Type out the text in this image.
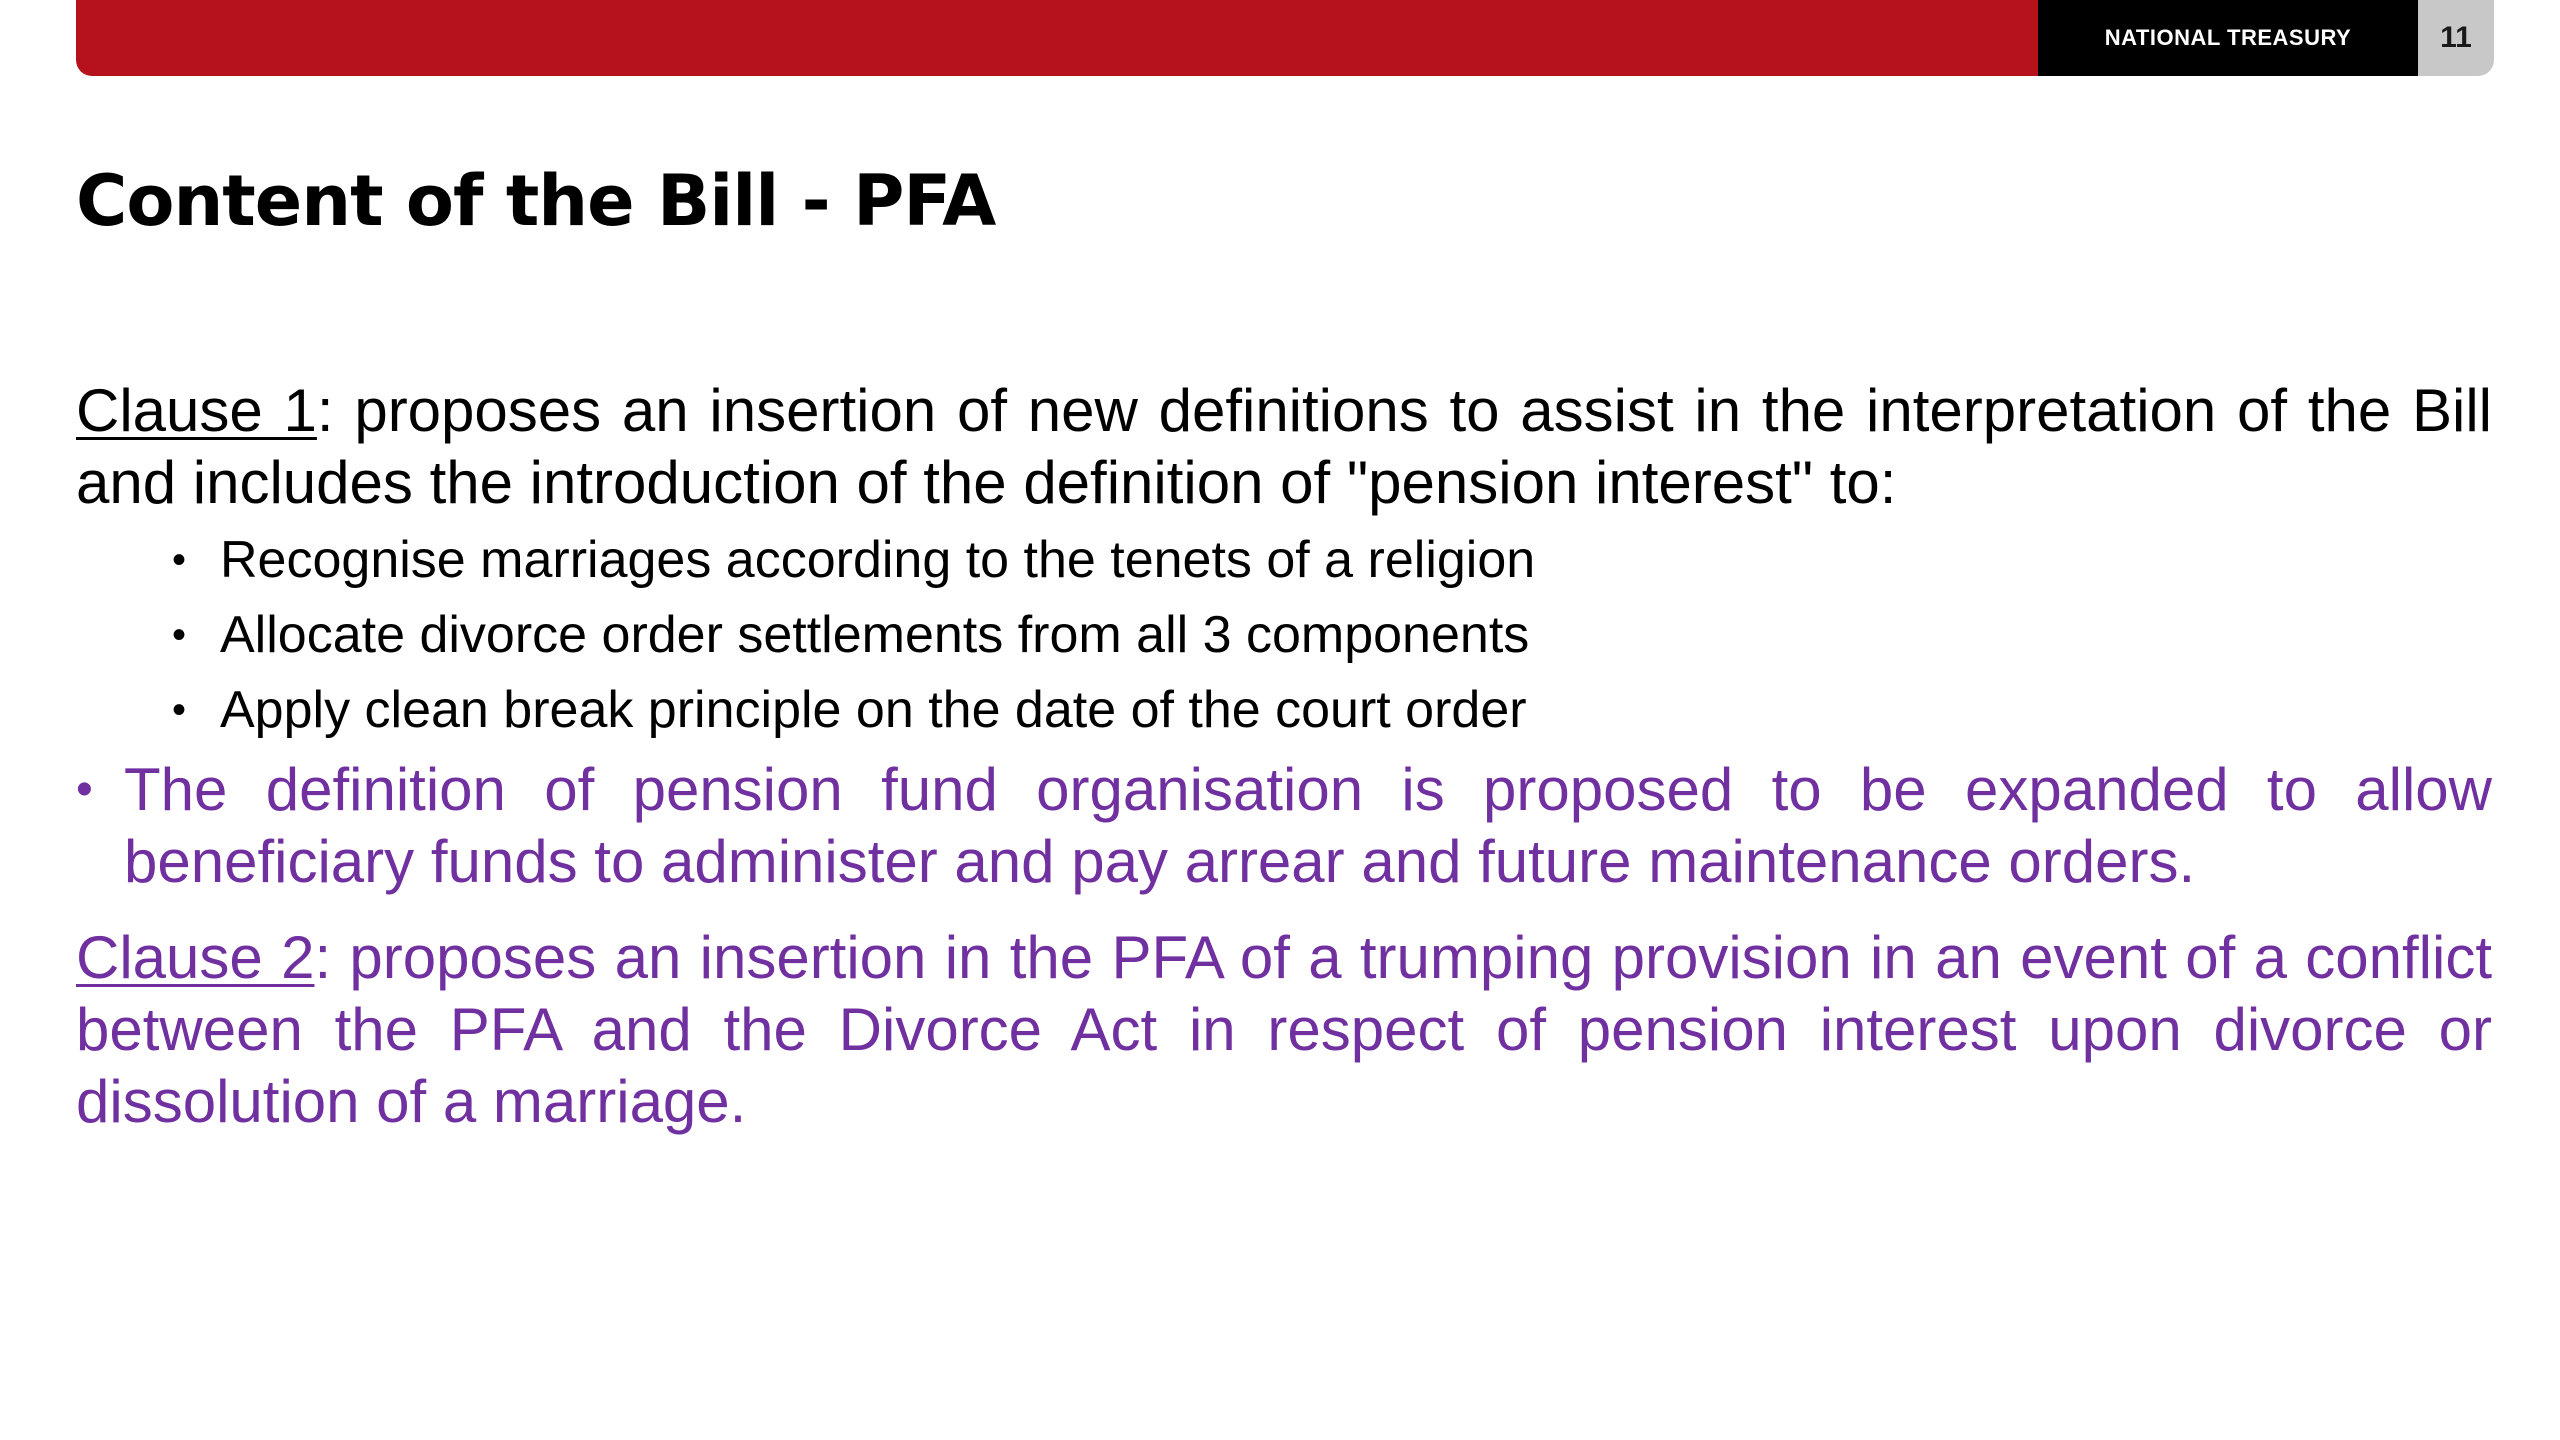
NATIONAL TREASURY	11
Content of the Bill - PFA

Clause 1: proposes an insertion of new definitions to assist in the interpretation of the Bill and includes the introduction of the definition of "pension interest" to:

• Recognise marriages according to the tenets of a religion
• Allocate divorce order settlements from all 3 components
• Apply clean break principle on the date of the court order
• The definition of pension fund organisation is proposed to be expanded to allow beneficiary funds to administer and pay arrear and future maintenance orders.

Clause 2: proposes an insertion in the PFA of a trumping provision in an event of a conflict between the PFA and the Divorce Act in respect of pension interest upon divorce or dissolution of a marriage.
